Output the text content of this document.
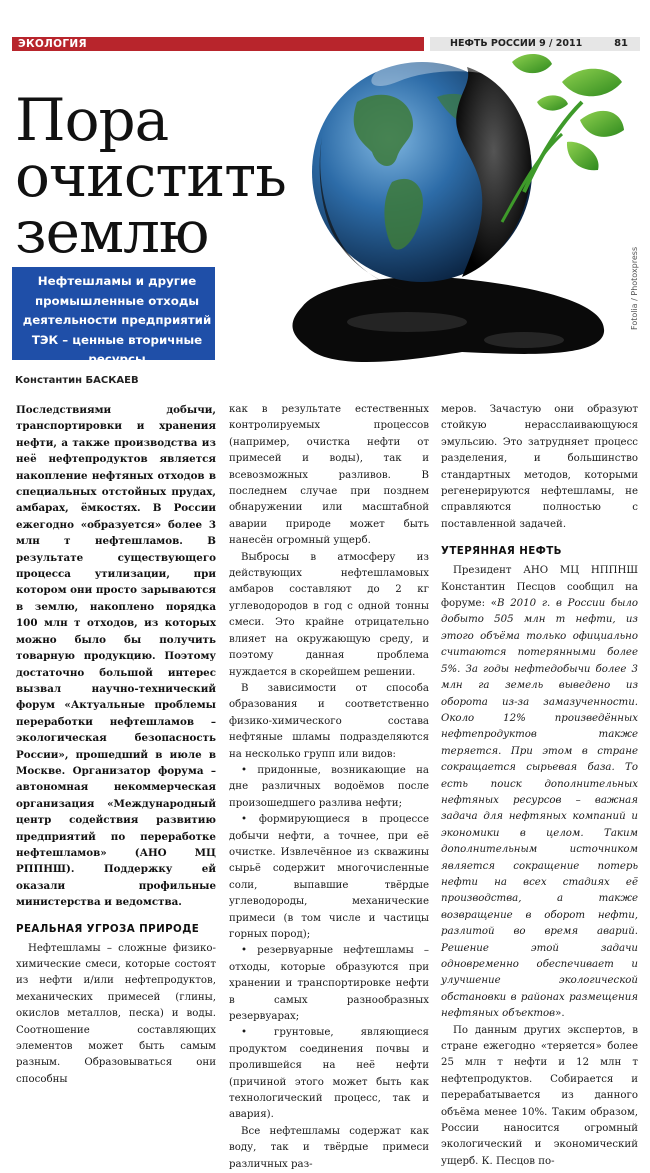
ЭКОЛОГИЯ	НЕФТЬ РОССИИ 9 / 2011	81
Пора
очистить
землю
Нефтешламы и другие промышленные отходы деятельности предприятий ТЭК – ценные вторичные ресурсы
Fotolia / Photoxpress
Константин БАСКАЕВ

Последствиями добычи, транспортировки и хранения нефти, а также производства из неё нефтепродуктов является накопление нефтяных отходов в специальных отстойных прудах, амбарах, ёмкостях. В России ежегодно «образуется» более 3 млн т нефтешламов. В результате существующего процесса утилизации, при котором они просто зарываются в землю, накоплено порядка 100 млн т отходов, из которых можно было бы получить товарную продукцию. Поэтому достаточно большой интерес вызвал научно-технический форум «Актуальные проблемы переработки нефтешламов – экологическая безопасность России», прошедший в июле в Москве. Организатор форума – автономная некоммерческая организация «Международный центр содействия развитию предприятий по переработке нефтешламов» (АНО МЦ РППНШ). Поддержку ей оказали профильные министерства и ведомства.

РЕАЛЬНАЯ УГРОЗА ПРИРОДЕ

Нефтешламы – сложные физико-химические смеси, которые состоят из нефти и/или нефтепродуктов, механических примесей (глины, окислов металлов, песка) и воды. Соотношение составляющих элементов может быть самым разным. Образовываться они способны

как в результате естественных контролируемых процессов (например, очистка нефти от примесей и воды), так и всевозможных разливов. В последнем случае при позднем обнаружении или масштабной аварии природе может быть нанесён огромный ущерб.

Выбросы в атмосферу из действующих нефтешламовых амбаров составляют до 2 кг углеводородов в год с одной тонны смеси. Это крайне отрицательно влияет на окружающую среду, и поэтому данная проблема нуждается в скорейшем решении.

В зависимости от способа образования и соответственно физико-химического состава нефтяные шламы подразделяются на несколько групп или видов:

• придонные, возникающие на дне различных водоёмов после произошедшего разлива нефти;

• формирующиеся в процессе добычи нефти, а точнее, при её очистке. Извлечённое из скважины сырьё содержит многочисленные соли, выпавшие твёрдые углеводороды, механические примеси (в том числе и частицы горных пород);

• резервуарные нефтешламы – отходы, которые образуются при хранении и транспортировке нефти в самых разнообразных резервуарах;

• грунтовые, являющиеся продуктом соединения почвы и пролившейся на неё нефти (причиной этого может быть как технологический процесс, так и авария).

Все нефтешламы содержат как воду, так и твёрдые примеси различных раз-

меров. Зачастую они образуют стойкую нерасслаивающуюся эмульсию. Это затрудняет процесс разделения, и большинство стандартных методов, которыми регенерируются нефтешламы, не справляются полностью с поставленной задачей.

УТЕРЯННАЯ НЕФТЬ

Президент АНО МЦ НППНШ Константин Песцов сообщил на форуме: «В 2010 г. в России было добыто 505 млн т нефти, из этого объёма только официально считаются потерянными более 5%. За годы нефтедобычи более 3 млн га земель выведено из оборота из-за замазученности. Около 12% произведённых нефтепродуктов также теряется. При этом в стране сокращается сырьевая база. То есть поиск дополнительных нефтяных ресурсов – важная задача для нефтяных компаний и экономики в целом. Таким дополнительным источником является сокращение потерь нефти на всех стадиях её производства, а также возвращение в оборот нефти, разлитой во время аварий. Решение этой задачи одновременно обеспечивает и улучшение экологической обстановки в районах размещения нефтяных объектов».

По данным других экспертов, в стране ежегодно «теряется» более 25 млн т нефти и 12 млн т нефтепродуктов. Собирается и перерабатывается из данного объёма менее 10%. Таким образом, России наносится огромный экологический и экономический ущерб. К. Песцов по-
